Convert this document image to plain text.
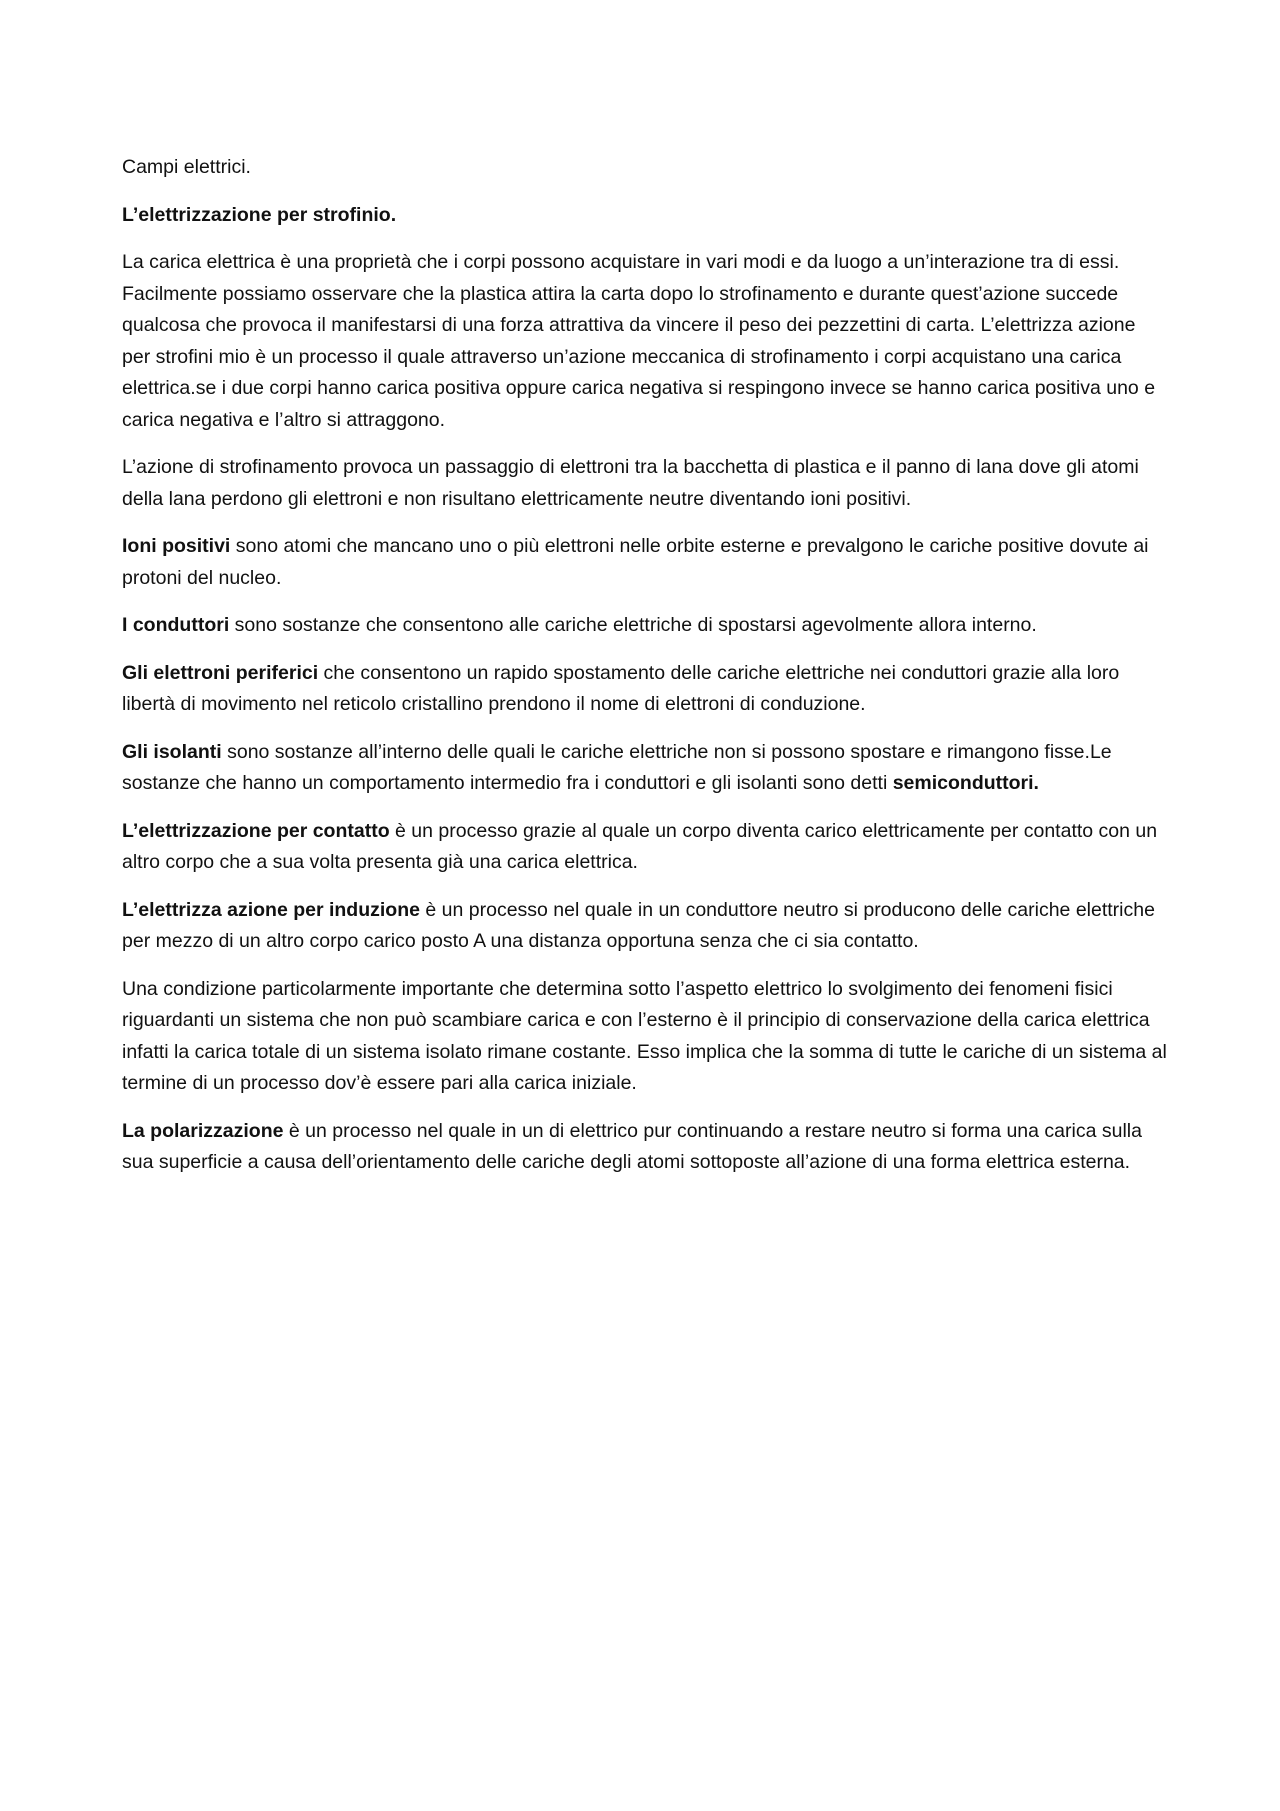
Campi elettrici.

L’elettrizzazione per strofinio.

La carica elettrica è una proprietà che i corpi possono acquistare in vari modi e da luogo a un’interazione tra di essi. Facilmente possiamo osservare che la plastica attira la carta dopo lo strofinamento e durante quest’azione succede qualcosa che provoca il manifestarsi di una forza attrattiva da vincere il peso dei pezzettini di carta. L’elettrizza azione per strofini mio è un processo il quale attraverso un’azione meccanica di strofinamento i corpi acquistano una carica elettrica.se i due corpi hanno carica positiva oppure carica negativa si respingono invece se hanno carica positiva uno e carica negativa e l’altro si attraggono.

L’azione di strofinamento provoca un passaggio di elettroni tra la bacchetta di plastica e il panno di lana dove gli atomi della lana perdono gli elettroni e non risultano elettricamente neutre diventando ioni positivi.

Ioni positivi sono atomi che mancano uno o più elettroni nelle orbite esterne e prevalgono le cariche positive dovute ai protoni del nucleo.

I conduttori sono sostanze che consentono alle cariche elettriche di spostarsi agevolmente allora interno.

Gli elettroni periferici che consentono un rapido spostamento delle cariche elettriche nei conduttori grazie alla loro libertà di movimento nel reticolo cristallino prendono il nome di elettroni di conduzione.

Gli isolanti sono sostanze all’interno delle quali le cariche elettriche non si possono spostare e rimangono fisse.Le sostanze che hanno un comportamento intermedio fra i conduttori e gli isolanti sono detti semiconduttori.

L’elettrizzazione per contatto è un processo grazie al quale un corpo diventa carico elettricamente per contatto con un altro corpo che a sua volta presenta già una carica elettrica.

L’elettrizza azione per induzione è un processo nel quale in un conduttore neutro si producono delle cariche elettriche per mezzo di un altro corpo carico posto A una distanza opportuna senza che ci sia contatto.

Una condizione particolarmente importante che determina sotto l’aspetto elettrico lo svolgimento dei fenomeni fisici riguardanti un sistema che non può scambiare carica e con l’esterno è il principio di conservazione della carica elettrica infatti la carica totale di un sistema isolato rimane costante. Esso implica che la somma di tutte le cariche di un sistema al termine di un processo dov’è essere pari alla carica iniziale.

La polarizzazione è un processo nel quale in un di elettrico pur continuando a restare neutro si forma una carica sulla sua superficie a causa dell’orientamento delle cariche degli atomi sottoposte all’azione di una forma elettrica esterna.
